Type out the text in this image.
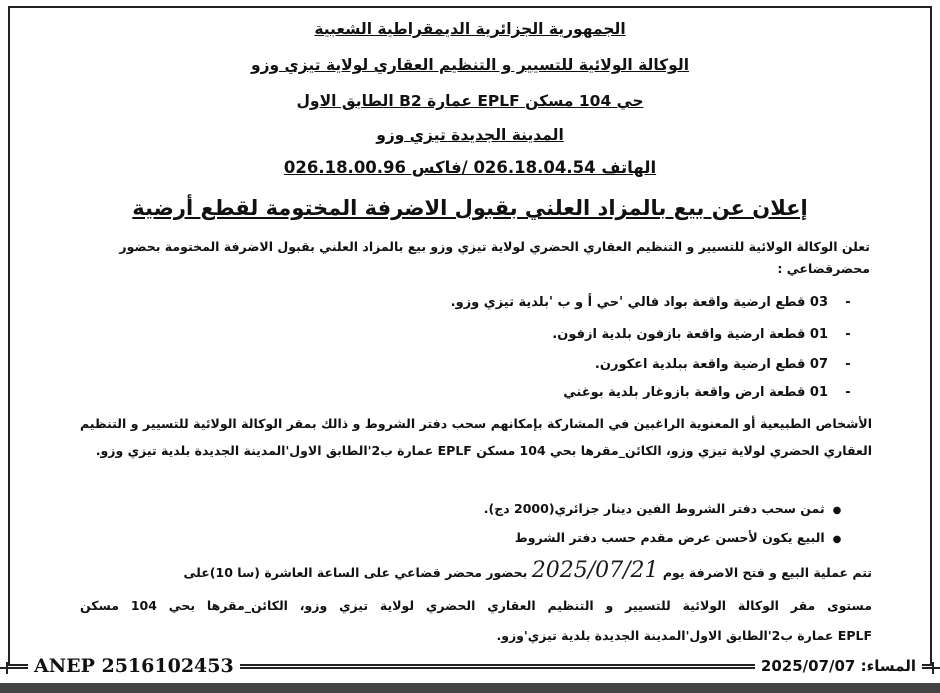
الجمهورية الجزائرية الديمقراطية الشعبية
الوكالة الولائية للتسيير و التنظيم العقاري لولاية تيزي وزو
حي 104 مسكن EPLF عمارة B2 الطابق الاول
المدينة الجديدة تيزي وزو
الهاتف 026.18.04.54 /فاكس 026.18.00.96
إعلان عن بيع بالمزاد العلني بقبول الاضرفة المختومة لقطع أرضية
تعلن الوكالة الولائية للتسيير و التنظيم العقاري الحضري لولاية تيزي وزو بيع بالمزاد العلني بقبول الاضرفة المختومة بحضور محضرقضاعي :
-03 قطع ارضية واقعة بواد فالي 'حي أ و ب 'بلدية تيزي وزو.
-01 قطعة ارضية واقعة بازفون بلدية ازفون.
-07 قطع ارضية واقعة ببلدية اعكورن.
-01 قطعة ارض واقعة بازوغار بلدية بوغني
الأشخاص الطبيعية أو المعنوية الراغبين في المشاركة بإمكانهم سحب دفتر الشروط و ذالك بمقر الوكالة الولائية للتسيير و التنظيم العقاري الحضري لولاية تيزي وزو، الكائن_مقرها بحي 104 مسكن EPLF عمارة ب2'الطابق الاول'المدينة الجديدة بلدية تيزي وزو.
● ثمن سحب دفتر الشروط الفين دينار جزائري(2000 دج).
● البيع يكون لأحسن عرض مقدم حسب دفتر الشروط
تتم عملية البيع و فتح الاضرفة يوم 2025/07/21 بحضور محضر قضاعي على الساعة العاشرة (سا 10)على
مستوى مقر الوكالة الولائية للتسيير و التنظيم العقاري الحضري لولاية تيزي وزو، الكائن_مقرها بحي 104 مسكن
EPLF عمارة ب2'الطابق الاول'المدينة الجديدة بلدية تيزي'وزو.
ANEP 2516102453	المساء: 2025/07/07
